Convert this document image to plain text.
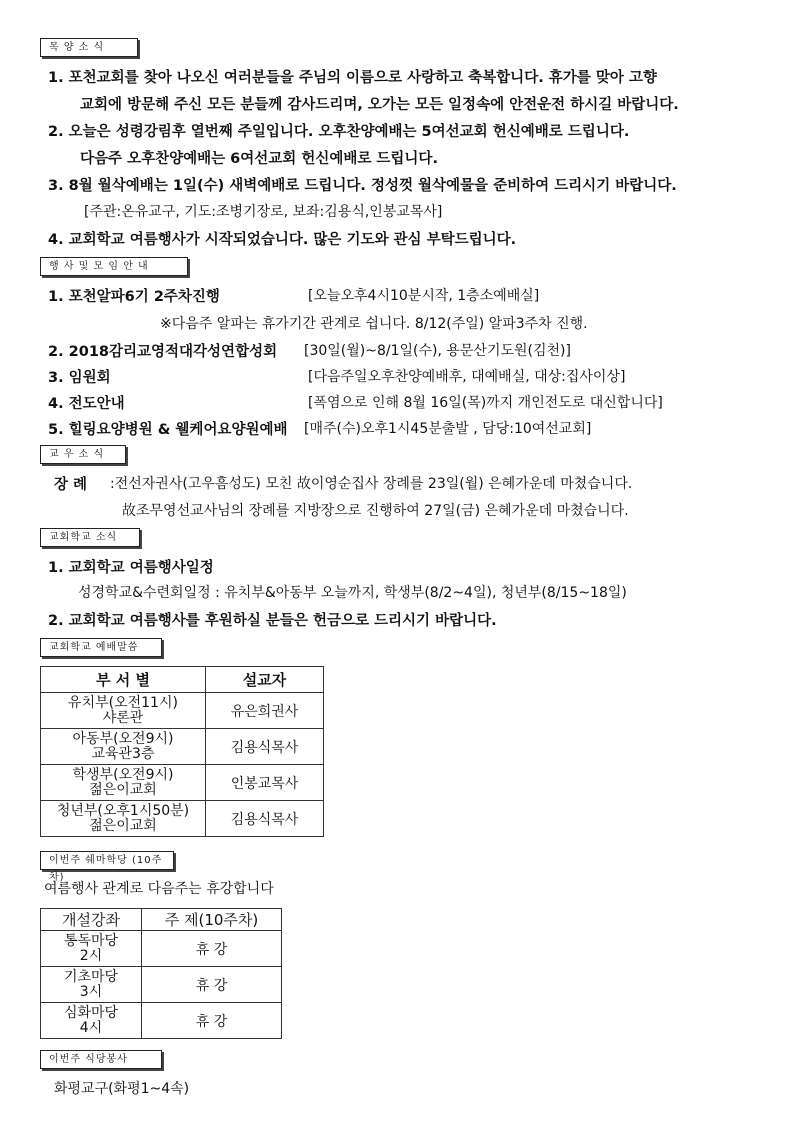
목 양 소 식
1. 포천교회를 찾아 나오신 여러분들을 주님의 이름으로 사랑하고 축복합니다. 휴가를 맞아 고향
교회에 방문해 주신 모든 분들께 감사드리며, 오가는 모든 일정속에 안전운전 하시길 바랍니다.
2. 오늘은 성령강림후 열번째 주일입니다. 오후찬양예배는 5여선교회 헌신예배로 드립니다.
다음주 오후찬양예배는 6여선교회 헌신예배로 드립니다.
3. 8월 월삭예배는 1일(수) 새벽예배로 드립니다. 정성껏 월삭예물을 준비하여 드리시기 바랍니다.
[주관:온유교구, 기도:조병기장로, 보좌:김용식,인봉교목사]
4. 교회학교 여름행사가 시작되었습니다. 많은 기도와 관심 부탁드립니다.
행 사 및 모 임 안 내
1. 포천알파6기 2주차진행	[오늘오후4시10분시작, 1층소예배실]
※다음주 알파는 휴가기간 관계로 쉽니다. 8/12(주일) 알파3주차 진행.
2. 2018감리교영적대각성연합성회 [30일(월)~8/1일(수), 용문산기도원(김천)]
3. 임원회	[다음주일오후찬양예배후, 대예배실, 대상:집사이상]
4. 전도안내	[폭염으로 인해 8월 16일(목)까지 개인전도로 대신합니다]
5. 힐링요양병원 & 웰케어요양원예배 [매주(수)오후1시45분출발 , 담당:10여선교회]
교 우 소 식
장 례 :전선자권사(고우흠성도) 모친 故이영순집사 장례를 23일(월) 은혜가운데 마쳤습니다.
故조무영선교사님의 장례를 지방장으로 진행하여 27일(금) 은혜가운데 마쳤습니다.
교회학교 소식
1. 교회학교 여름행사일정
성경학교&수련회일정 : 유치부&아동부 오늘까지, 학생부(8/2~4일), 청년부(8/15~18일)
2. 교회학교 여름행사를 후원하실 분들은 헌금으로 드리시기 바랍니다.
교회학교 예배말씀
부 서 별	설교자

유치부(오전11시)
샤론관	유은희권사

아동부(오전9시)
교육관3층	김용식목사

학생부(오전9시)
젊은이교회	인봉교목사

청년부(오후1시50분)
젊은이교회	김용식목사
이번주 쉐마학당 (10주차)
여름행사 관계로 다음주는 휴강합니다
개설강좌	주 제(10주차)

통독마당
2시	휴 강

기초마당
3시	휴 강

심화마당
4시	휴 강
이번주 식당봉사
화평교구(화평1~4속)
